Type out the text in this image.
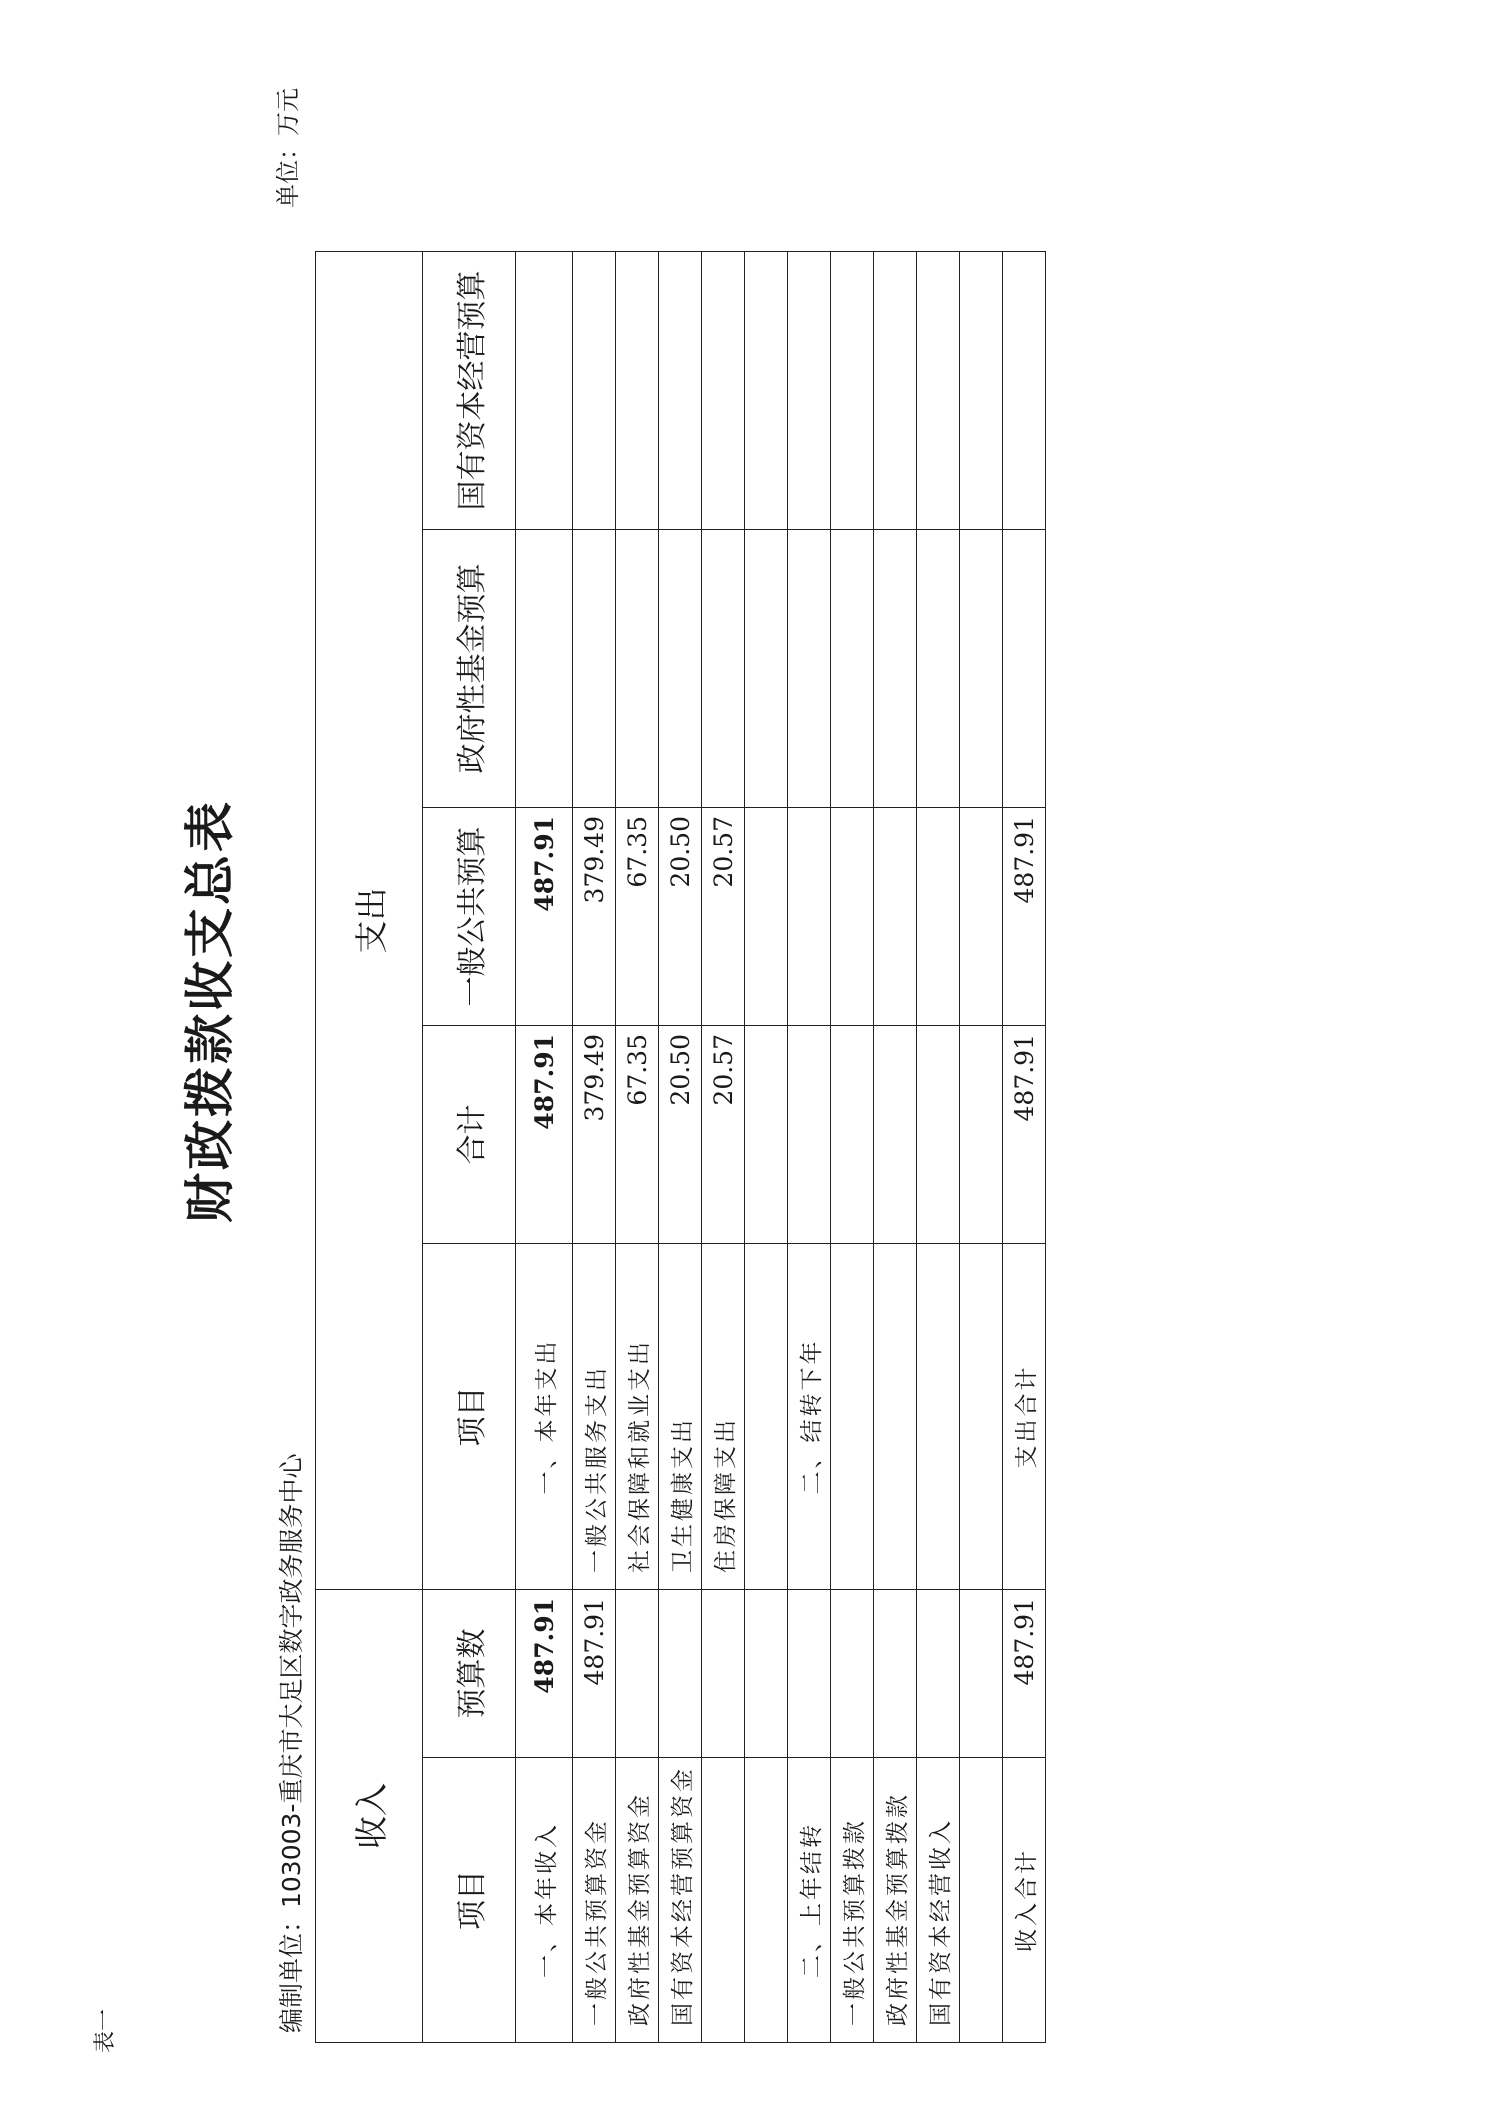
财政拨款收支总表
单位：万元
编制单位：103003-重庆市大足区数字政务服务中心
表一
收入		支出				
项目	预算数	项目	合计	一般公共预算	政府性基金预算	国有资本经营预算
一、本年收入	487.91	一、本年支出	487.91	487.91		
一般公共预算资金	487.91	一般公共服务支出	379.49	379.49		
政府性基金预算资金		社会保障和就业支出	67.35	67.35		
国有资本经营预算资金		卫生健康支出	20.50	20.50		
		住房保障支出	20.57	20.57		

二、上年结转		二、结转下年				
一般公共预算拨款						
政府性基金预算拨款						
国有资本经营收入						

收入合计	487.91	支出合计	487.91	487.91		
